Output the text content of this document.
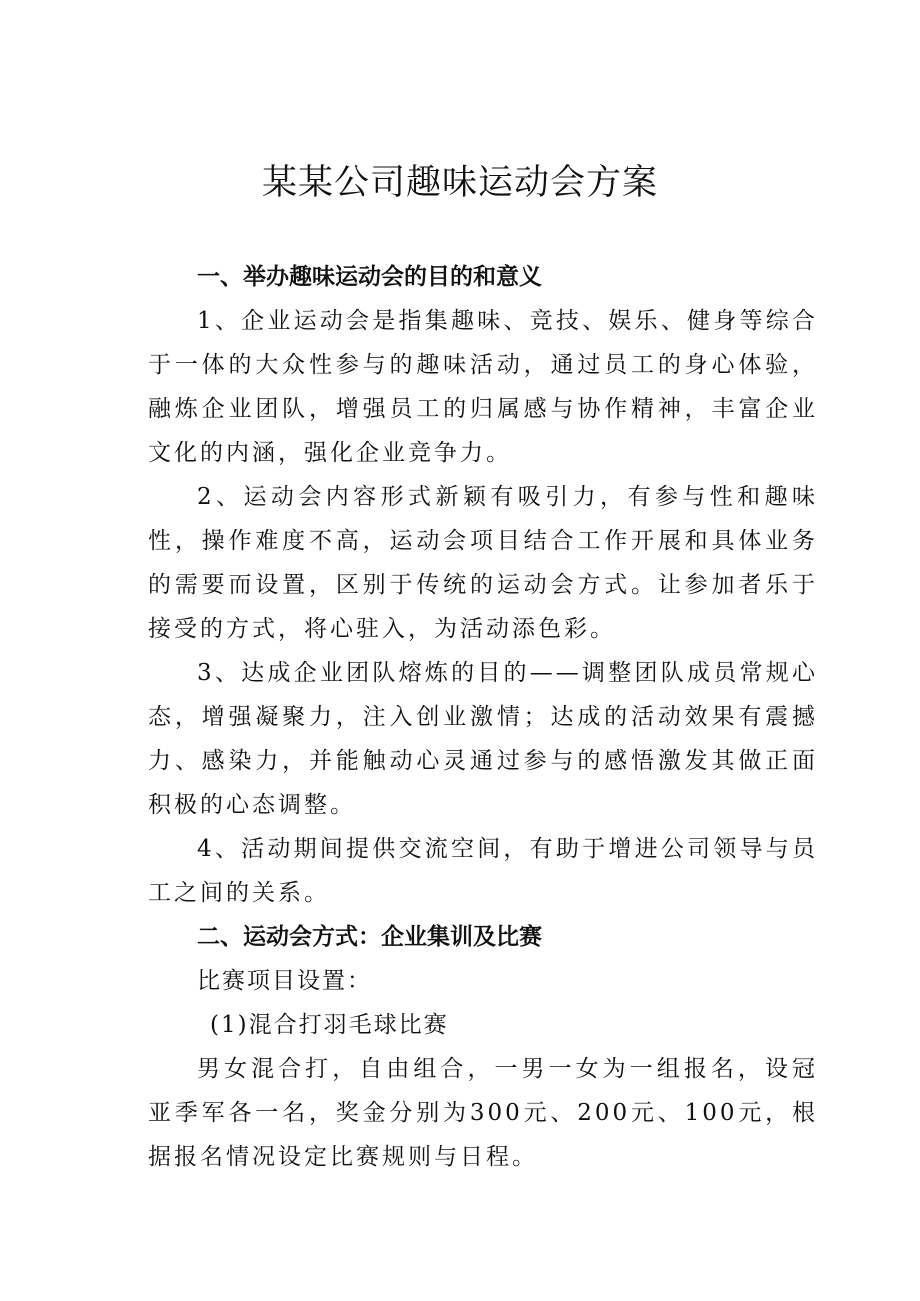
某某公司趣味运动会方案

一、举办趣味运动会的目的和意义

1、企业运动会是指集趣味、竞技、娱乐、健身等综合于一体的大众性参与的趣味活动，通过员工的身心体验，融炼企业团队，增强员工的归属感与协作精神，丰富企业文化的内涵，强化企业竞争力。

2、运动会内容形式新颖有吸引力，有参与性和趣味性，操作难度不高，运动会项目结合工作开展和具体业务的需要而设置，区别于传统的运动会方式。让参加者乐于接受的方式，将心驻入，为活动添色彩。

3、达成企业团队熔炼的目的——调整团队成员常规心态，增强凝聚力，注入创业激情；达成的活动效果有震撼力、感染力，并能触动心灵通过参与的感悟激发其做正面积极的心态调整。

4、活动期间提供交流空间，有助于增进公司领导与员工之间的关系。

二、运动会方式：企业集训及比赛

比赛项目设置：

(1)混合打羽毛球比赛

男女混合打，自由组合，一男一女为一组报名，设冠亚季军各一名，奖金分别为300元、200元、100元，根据报名情况设定比赛规则与日程。
